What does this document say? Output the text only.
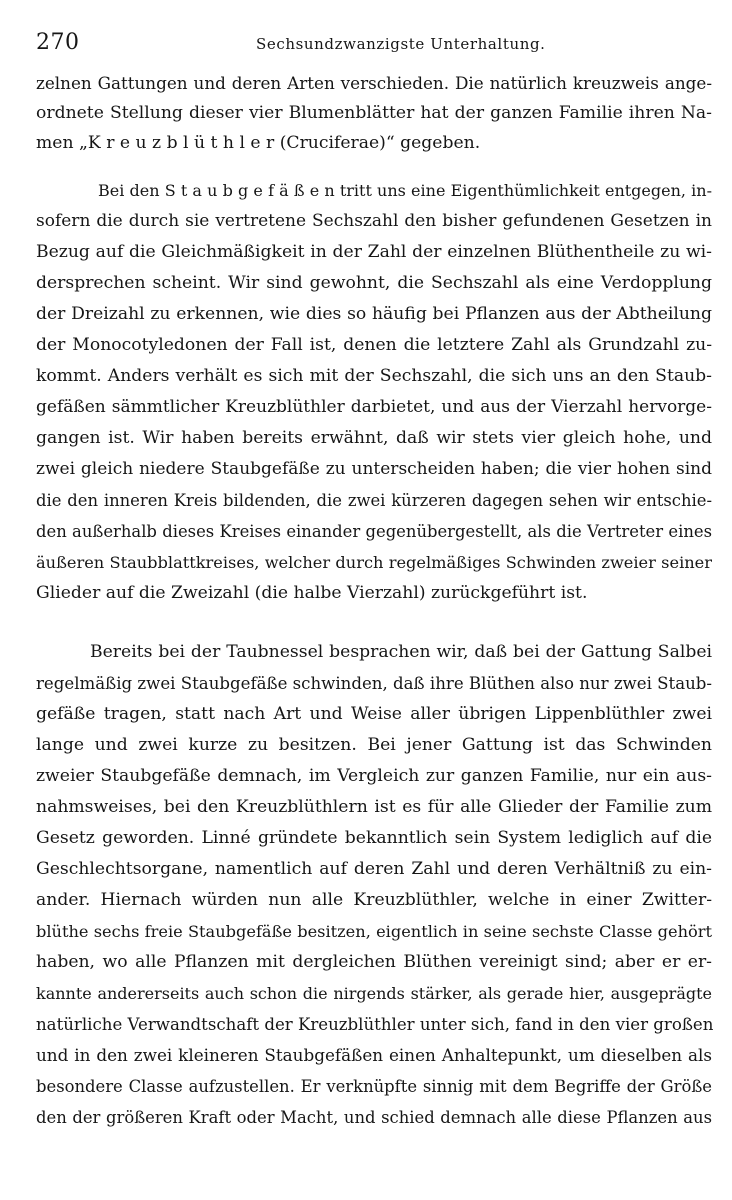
270	Sechsundzwanzigste Unterhaltung.
zelnen Gattungen und deren Arten verschieden. Die natürlich kreuzweis ange-
ordnete Stellung dieser vier Blumenblätter hat der ganzen Familie ihren Na-
men „K r e u z b l ü t h l e r (Cruciferae)“ gegeben.
Bei den S t a u b g e f ä ß e n tritt uns eine Eigenthümlichkeit entgegen, in-
sofern die durch sie vertretene Sechszahl den bisher gefundenen Gesetzen in
Bezug auf die Gleichmäßigkeit in der Zahl der einzelnen Blüthentheile zu wi-
dersprechen scheint. Wir sind gewohnt, die Sechszahl als eine Verdopplung
der Dreizahl zu erkennen, wie dies so häufig bei Pflanzen aus der Abtheilung
der Monocotyledonen der Fall ist, denen die letztere Zahl als Grundzahl zu-
kommt. Anders verhält es sich mit der Sechszahl, die sich uns an den Staub-
gefäßen sämmtlicher Kreuzblüthler darbietet, und aus der Vierzahl hervorge-
gangen ist. Wir haben bereits erwähnt, daß wir stets vier gleich hohe, und
zwei gleich niedere Staubgefäße zu unterscheiden haben; die vier hohen sind
die den inneren Kreis bildenden, die zwei kürzeren dagegen sehen wir entschie-
den außerhalb dieses Kreises einander gegenübergestellt, als die Vertreter eines
äußeren Staubblattkreises, welcher durch regelmäßiges Schwinden zweier seiner
Glieder auf die Zweizahl (die halbe Vierzahl) zurückgeführt ist.
Bereits bei der Taubnessel besprachen wir, daß bei der Gattung Salbei
regelmäßig zwei Staubgefäße schwinden, daß ihre Blüthen also nur zwei Staub-
gefäße tragen, statt nach Art und Weise aller übrigen Lippenblüthler zwei
lange und zwei kurze zu besitzen. Bei jener Gattung ist das Schwinden
zweier Staubgefäße demnach, im Vergleich zur ganzen Familie, nur ein aus-
nahmsweises, bei den Kreuzblüthlern ist es für alle Glieder der Familie zum
Gesetz geworden. Linné gründete bekanntlich sein System lediglich auf die
Geschlechtsorgane, namentlich auf deren Zahl und deren Verhältniß zu ein-
ander. Hiernach würden nun alle Kreuzblüthler, welche in einer Zwitter-
blüthe sechs freie Staubgefäße besitzen, eigentlich in seine sechste Classe gehört
haben, wo alle Pflanzen mit dergleichen Blüthen vereinigt sind; aber er er-
kannte andererseits auch schon die nirgends stärker, als gerade hier, ausgeprägte
natürliche Verwandtschaft der Kreuzblüthler unter sich, fand in den vier großen
und in den zwei kleineren Staubgefäßen einen Anhaltepunkt, um dieselben als
besondere Classe aufzustellen. Er verknüpfte sinnig mit dem Begriffe der Größe
den der größeren Kraft oder Macht, und schied demnach alle diese Pflanzen aus
